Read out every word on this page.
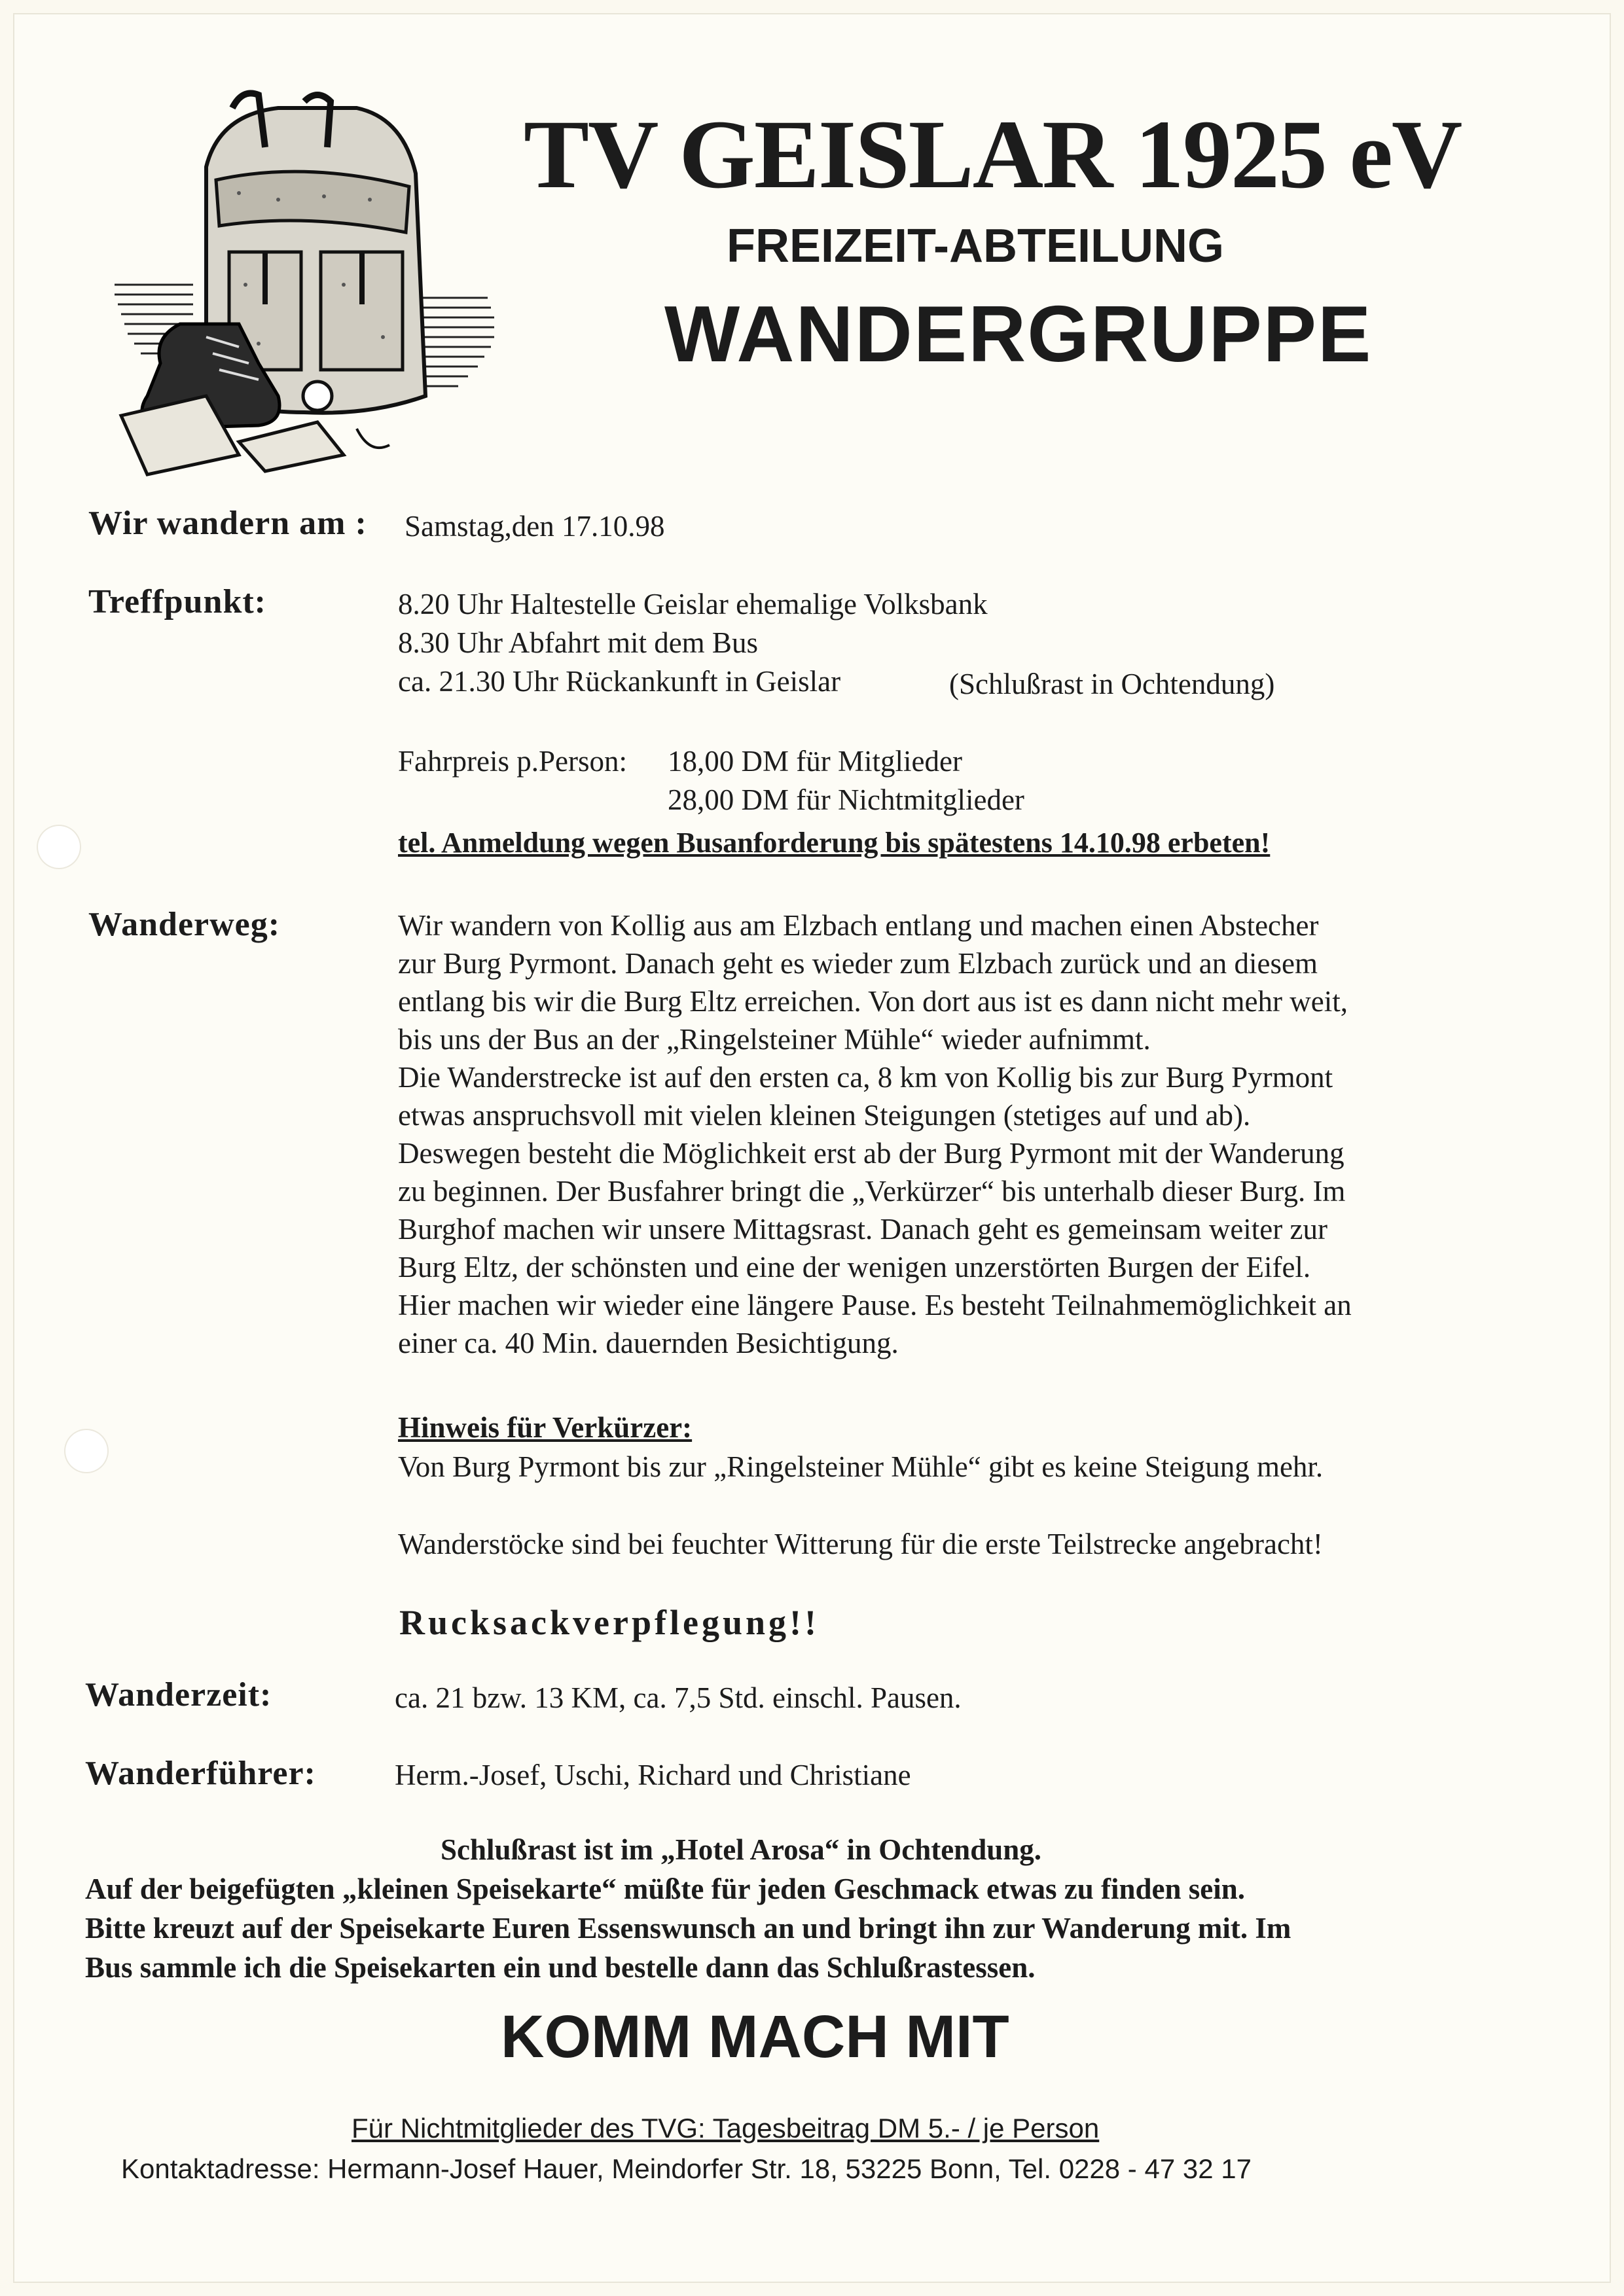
TV GEISLAR 1925 eV
FREIZEIT-ABTEILUNG
WANDERGRUPPE
Wir wandern am : Samstag,den 17.10.98
Treffpunkt:	8.20 Uhr Haltestelle Geislar ehemalige Volksbank
8.30 Uhr Abfahrt mit dem Bus
ca. 21.30 Uhr Rückankunft in Geislar	(Schlußrast in Ochtendung)
Fahrpreis p.Person: 18,00 DM für Mitglieder
28,00 DM für Nichtmitglieder
tel. Anmeldung wegen Busanforderung bis spätestens 14.10.98 erbeten!
Wanderweg:	Wir wandern von Kollig aus am Elzbach entlang und machen einen Abstecher
zur Burg Pyrmont. Danach geht es wieder zum Elzbach zurück und an diesem
entlang bis wir die Burg Eltz erreichen. Von dort aus ist es dann nicht mehr weit,
bis uns der Bus an der „Ringelsteiner Mühle“ wieder aufnimmt.
Die Wanderstrecke ist auf den ersten ca, 8 km von Kollig bis zur Burg Pyrmont
etwas anspruchsvoll mit vielen kleinen Steigungen (stetiges auf und ab).
Deswegen besteht die Möglichkeit erst ab der Burg Pyrmont mit der Wanderung
zu beginnen. Der Busfahrer bringt die „Verkürzer“ bis unterhalb dieser Burg. Im
Burghof machen wir unsere Mittagsrast. Danach geht es gemeinsam weiter zur
Burg Eltz, der schönsten und eine der wenigen unzerstörten Burgen der Eifel.
Hier machen wir wieder eine längere Pause. Es besteht Teilnahmemöglichkeit an
einer ca. 40 Min. dauernden Besichtigung.
Hinweis für Verkürzer:
Von Burg Pyrmont bis zur „Ringelsteiner Mühle“ gibt es keine Steigung mehr.
Wanderstöcke sind bei feuchter Witterung für die erste Teilstrecke angebracht!
Rucksackverpflegung!!
Wanderzeit:	ca. 21 bzw. 13 KM, ca. 7,5 Std. einschl. Pausen.
Wanderführer:	Herm.-Josef, Uschi, Richard und Christiane
Schlußrast ist im „Hotel Arosa“ in Ochtendung.
Auf der beigefügten „kleinen Speisekarte“ müßte für jeden Geschmack etwas zu finden sein.
Bitte kreuzt auf der Speisekarte Euren Essenswunsch an und bringt ihn zur Wanderung mit. Im
Bus sammle ich die Speisekarten ein und bestelle dann das Schlußrastessen.
KOMM MACH MIT
Für Nichtmitglieder des TVG: Tagesbeitrag DM 5.- / je Person
Kontaktadresse: Hermann-Josef Hauer, Meindorfer Str. 18, 53225 Bonn, Tel. 0228 - 47 32 17
